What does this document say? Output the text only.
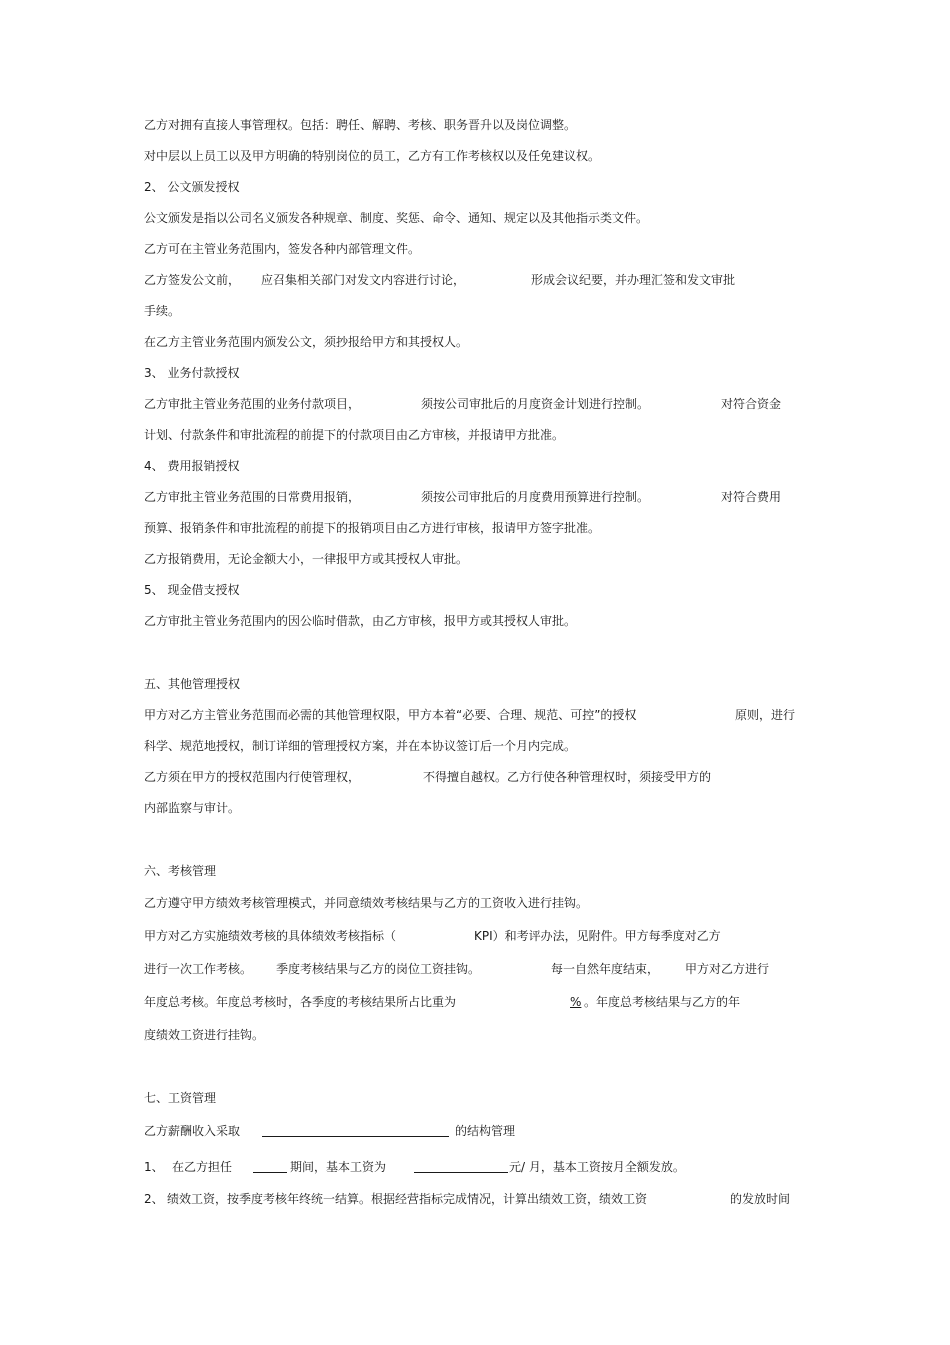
乙方对拥有直接人事管理权。包括：聘任、解聘、考核、职务晋升以及岗位调整。
对中层以上员工以及甲方明确的特别岗位的员工，乙方有工作考核权以及任免建议权。
2、 公文颁发授权
公文颁发是指以公司名义颁发各种规章、制度、奖惩、命令、通知、规定以及其他指示类文件。
乙方可在主管业务范围内，签发各种内部管理文件。
乙方签发公文前， 应召集相关部门对发文内容进行讨论，	形成会议纪要，并办理汇签和发文审批
手续。
在乙方主管业务范围内颁发公文，须抄报给甲方和其授权人。
3、 业务付款授权
乙方审批主管业务范围的业务付款项目，	须按公司审批后的月度资金计划进行控制。	对符合资金
计划、付款条件和审批流程的前提下的付款项目由乙方审核，并报请甲方批准。
4、 费用报销授权
乙方审批主管业务范围的日常费用报销，	须按公司审批后的月度费用预算进行控制。	对符合费用
预算、报销条件和审批流程的前提下的报销项目由乙方进行审核，报请甲方签字批准。
乙方报销费用，无论金额大小，一律报甲方或其授权人审批。
5、 现金借支授权
乙方审批主管业务范围内的因公临时借款，由乙方审核，报甲方或其授权人审批。
五、其他管理授权
甲方对乙方主管业务范围而必需的其他管理权限，甲方本着“必要、合理、规范、可控”的授权	原则，进行
科学、规范地授权，制订详细的管理授权方案，并在本协议签订后一个月内完成。
乙方须在甲方的授权范围内行使管理权，	不得擅自越权。乙方行使各种管理权时，须接受甲方的
内部监察与审计。
六、考核管理
乙方遵守甲方绩效考核管理模式，并同意绩效考核结果与乙方的工资收入进行挂钩。
甲方对乙方实施绩效考核的具体绩效考核指标（	KPI）和考评办法，见附件。甲方每季度对乙方
进行一次工作考核。 季度考核结果与乙方的岗位工资挂钩。	每一自然年度结束， 甲方对乙方进行
年度总考核。年度总考核时，各季度的考核结果所占比重为	% 。年度总考核结果与乙方的年
度绩效工资进行挂钩。
七、工资管理
乙方薪酬收入采取	的结构管理
1、 在乙方担任	期间，基本工资为	元/ 月，基本工资按月全额发放。
2、 绩效工资，按季度考核年终统一结算。根据经营指标完成情况，计算出绩效工资，绩效工资	的发放时间
